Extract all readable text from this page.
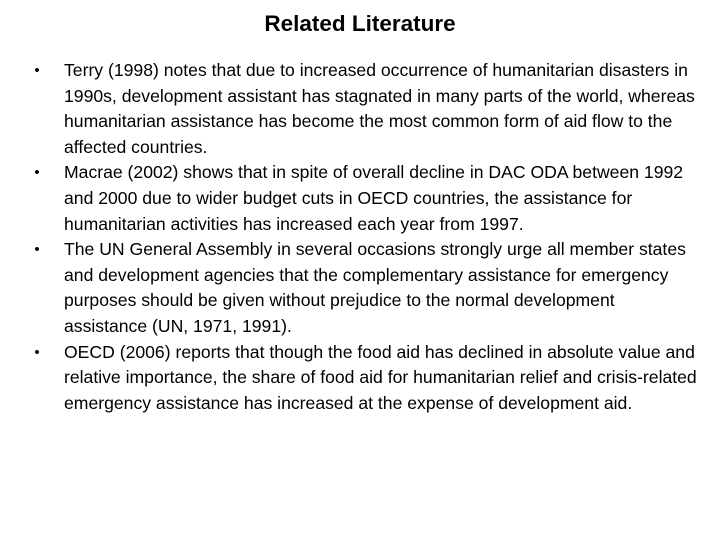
Related Literature
• Terry (1998) notes that due to increased occurrence of humanitarian disasters in 1990s, development assistant has stagnated in many parts of the world, whereas humanitarian assistance has become the most common form of aid flow to the affected countries.
• Macrae (2002) shows that in spite of overall decline in DAC ODA between 1992 and 2000 due to wider budget cuts in OECD countries, the assistance for humanitarian activities has increased each year from 1997.
• The UN General Assembly in several occasions strongly urge all member states and development agencies that the complementary assistance for emergency purposes should be given without prejudice to the normal development assistance (UN, 1971, 1991).
• OECD (2006) reports that though the food aid has declined in absolute value and relative importance, the share of food aid for humanitarian relief and crisis-related emergency assistance has increased at the expense of development aid.
